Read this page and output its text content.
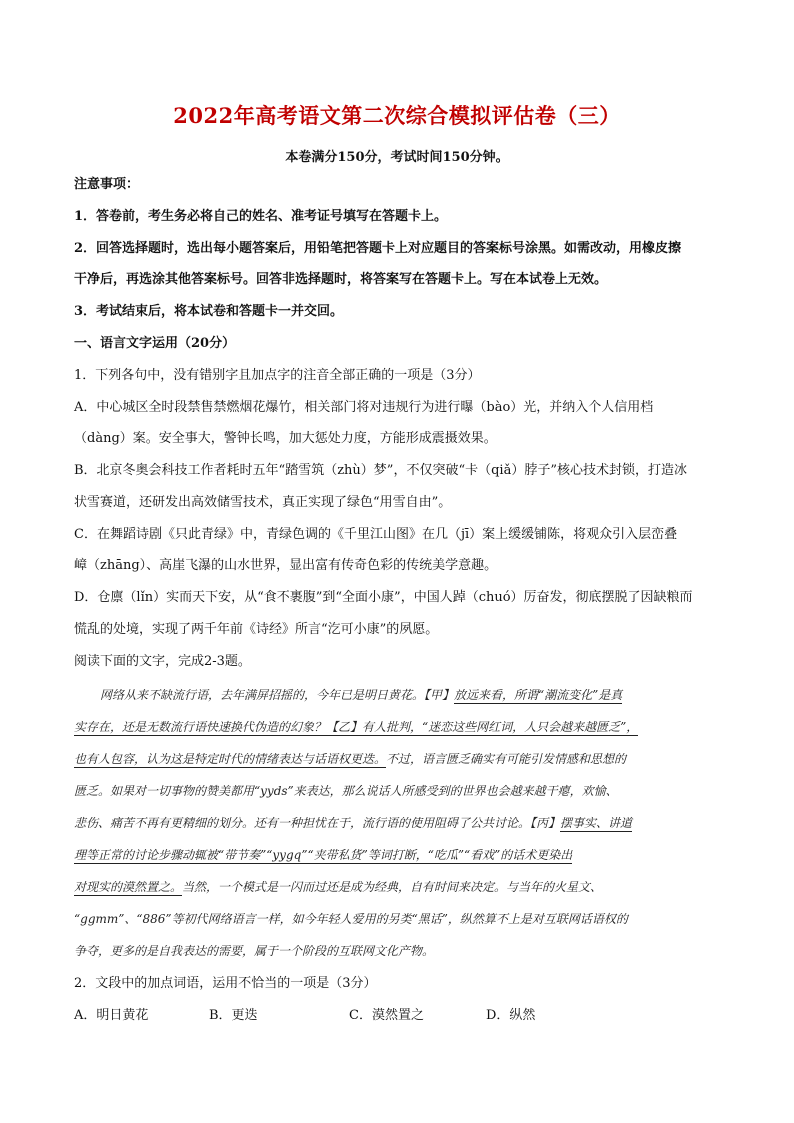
2022年高考语文第二次综合模拟评估卷（三）
本卷满分150分，考试时间150分钟。
注意事项：
1．答卷前，考生务必将自己的姓名、准考证号填写在答题卡上。
2．回答选择题时，选出每小题答案后，用铅笔把答题卡上对应题目的答案标号涂黑。如需改动，用橡皮擦
干净后，再选涂其他答案标号。回答非选择题时，将答案写在答题卡上。写在本试卷上无效。
3．考试结束后，将本试卷和答题卡一并交回。
一、语言文字运用（20分）
1．下列各句中，没有错别字且加点字的注音全部正确的一项是（3分）
A．中心城区全时段禁售禁燃烟花爆竹，相关部门将对违规行为进行曝（bào）光，并纳入个人信用档
（dàng）案。安全事大，警钟长鸣，加大惩处力度，方能形成震摄效果。
B．北京冬奥会科技工作者耗时五年“踏雪筑（zhù）梦”，不仅突破“卡（qiǎ）脖子”核心技术封锁，打造冰
状雪赛道，还研发出高效储雪技术，真正实现了绿色“用雪自由”。
C．在舞蹈诗剧《只此青绿》中，青绿色调的《千里江山图》在几（jī）案上缓缓铺陈，将观众引入层峦叠
嶂（zhāng）、高崖飞瀑的山水世界，显出富有传奇色彩的传统美学意趣。
D．仓廪（lǐn）实而天下安，从“食不裹腹”到“全面小康”，中国人踔（chuó）厉奋发，彻底摆脱了因缺粮而
慌乱的处境，实现了两千年前《诗经》所言“汔可小康”的夙愿。
阅读下面的文字，完成2-3题。
网络从来不缺流行语，去年满屏招摇的，今年已是明日黄花。【甲】放远来看，所谓“潮流变化”是真
实存在，还是无数流行语快速换代伪造的幻象？【乙】有人批判，“迷恋这些网红词，人只会越来越匮乏”，
也有人包容，认为这是特定时代的情绪表达与话语权更迭。不过，语言匮乏确实有可能引发情感和思想的
匮乏。如果对一切事物的赞美都用“yyds”来表达，那么说话人所感受到的世界也会越来越干瘪，欢愉、
悲伤、痛苦不再有更精细的划分。还有一种担忧在于，流行语的使用阻碍了公共讨论。【丙】摆事实、讲道
理等正常的讨论步骤动辄被“带节奏”“yygq”“夹带私货”等词打断，“吃瓜”“看戏”的话术更染出
对现实的漠然置之。当然，一个模式是一闪而过还是成为经典，自有时间来决定。与当年的火星文、
“ggmm”、“886”等初代网络语言一样，如今年轻人爱用的另类“黑话”，纵然算不上是对互联网话语权的
争夺，更多的是自我表达的需要，属于一个阶段的互联网文化产物。
2．文段中的加点词语，运用不恰当的一项是（3分）
A．明日黄花	B．更迭	C．漠然置之	D．纵然
